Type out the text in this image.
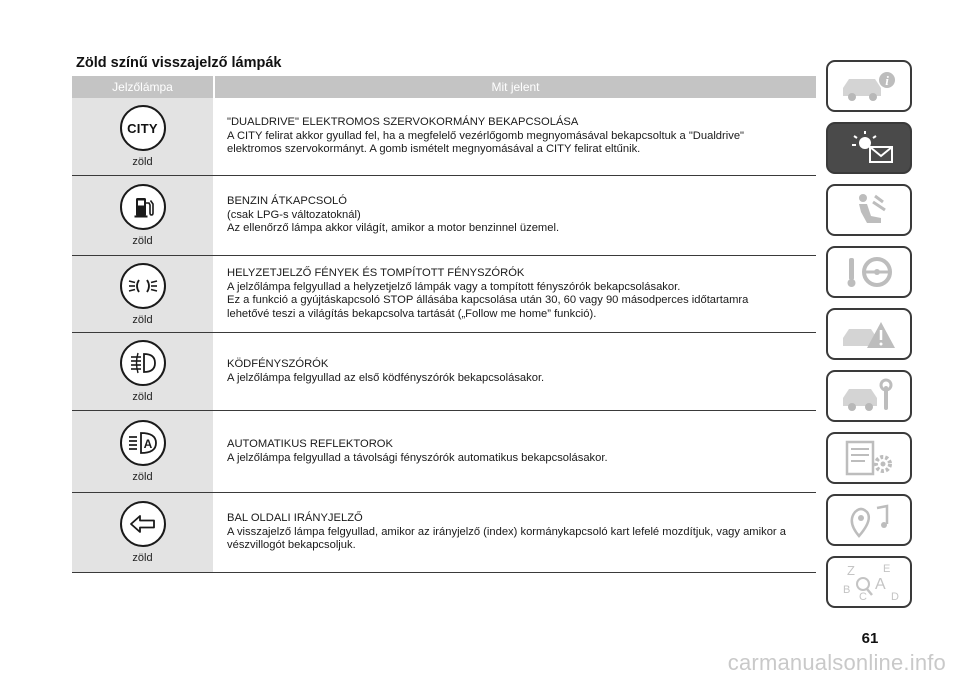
Zöld színű visszajelző lámpák
Jelzőlámpa	Mit jelent
CITY
zöld
"DUALDRIVE" ELEKTROMOS SZERVOKORMÁNY BEKAPCSOLÁSA
A CITY felirat akkor gyullad fel, ha a megfelelő vezérlőgomb megnyomásával bekapcsoltuk a "Dualdrive"
elektromos szervokormányt. A gomb ismételt megnyomásával a CITY felirat eltűnik.
zöld
BENZIN ÁTKAPCSOLÓ
(csak LPG-s változatoknál)
Az ellenőrző lámpa akkor világít, amikor a motor benzinnel üzemel.
zöld
HELYZETJELZŐ FÉNYEK ÉS TOMPÍTOTT FÉNYSZÓRÓK
A jelzőlámpa felgyullad a helyzetjelző lámpák vagy a tompított fényszórók bekapcsolásakor.
Ez a funkció a gyújtáskapcsoló STOP állásába kapcsolása után 30, 60 vagy 90 másodperces időtartamra
lehetővé teszi a világítás bekapcsolva tartását („Follow me home” funkció).
zöld
KÖDFÉNYSZÓRÓK
A jelzőlámpa felgyullad az első ködfényszórók bekapcsolásakor.
A
zöld
AUTOMATIKUS REFLEKTOROK
A jelzőlámpa felgyullad a távolsági fényszórók automatikus bekapcsolásakor.
zöld
BAL OLDALI IRÁNYJELZŐ
A visszajelző lámpa felgyullad, amikor az irányjelző (index) kormánykapcsoló kart lefelé mozdítjuk, vagy amikor a
vészvillogót bekapcsoljuk.
i
Z	E
A
B
C D
61
carmanualsonline.info
